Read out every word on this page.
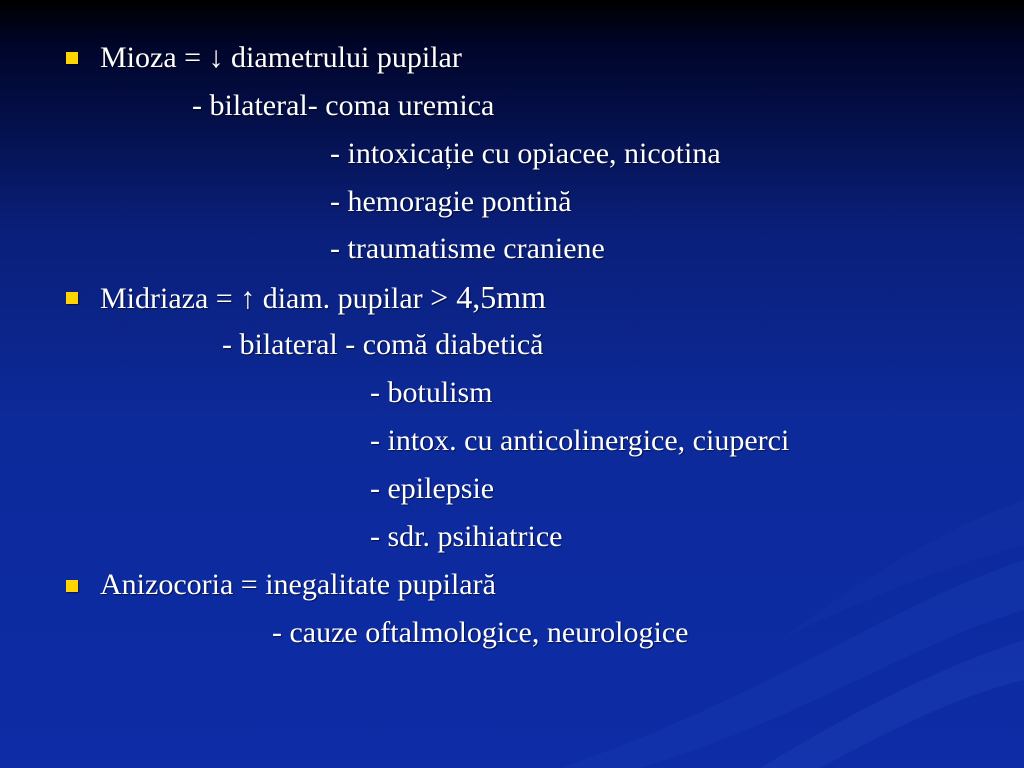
Mioza = ↓ diametrului pupilar
- bilateral- coma uremica
- intoxicație cu opiacee, nicotina
- hemoragie pontină
- traumatisme craniene
Midriaza = ↑ diam. pupilar > 4,5mm
- bilateral - comă diabetică
- botulism
- intox. cu anticolinergice, ciuperci
- epilepsie
- sdr. psihiatrice
Anizocoria = inegalitate pupilară
- cauze oftalmologice, neurologice
